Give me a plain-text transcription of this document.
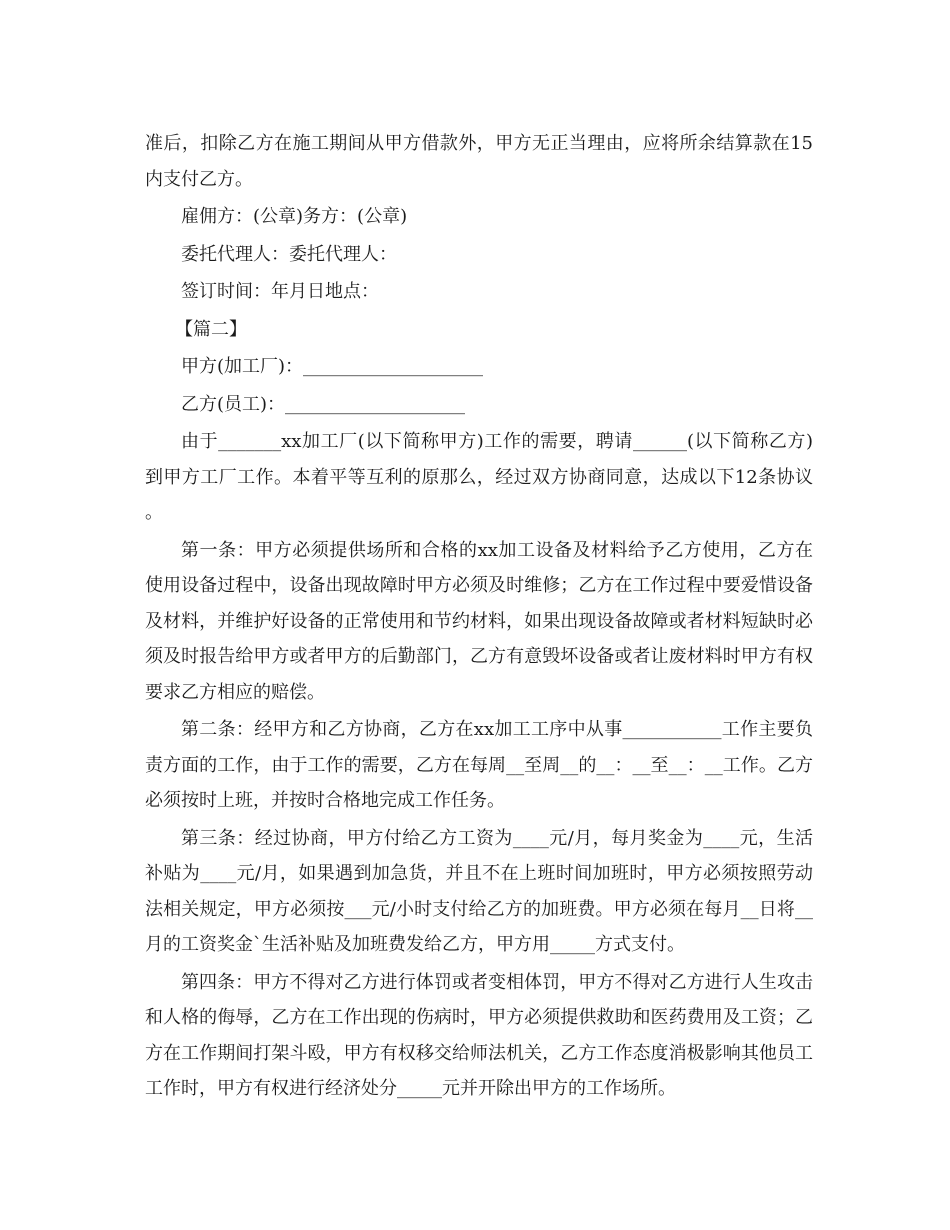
准后，扣除乙方在施工期间从甲方借款外，甲方无正当理由，应将所余结算款在15内支付乙方。

雇佣方：(公章)务方：(公章)

委托代理人：委托代理人：

签订时间：年月日地点：

【篇二】

甲方(加工厂)：____________________

乙方(员工)：____________________

由于_______xx加工厂(以下简称甲方)工作的需要，聘请______(以下简称乙方)到甲方工厂工作。本着平等互利的原那么，经过双方协商同意，达成以下12条协议。

第一条：甲方必须提供场所和合格的xx加工设备及材料给予乙方使用，乙方在使用设备过程中，设备出现故障时甲方必须及时维修；乙方在工作过程中要爱惜设备及材料，并维护好设备的正常使用和节约材料，如果出现设备故障或者材料短缺时必须及时报告给甲方或者甲方的后勤部门，乙方有意毁坏设备或者让废材料时甲方有权要求乙方相应的赔偿。

第二条：经甲方和乙方协商，乙方在xx加工工序中从事___________工作主要负责方面的工作，由于工作的需要，乙方在每周__至周__的__：__至__：__工作。乙方必须按时上班，并按时合格地完成工作任务。

第三条：经过协商，甲方付给乙方工资为____元/月，每月奖金为____元，生活补贴为____元/月，如果遇到加急货，并且不在上班时间加班时，甲方必须按照劳动法相关规定，甲方必须按___元/小时支付给乙方的加班费。甲方必须在每月__日将__月的工资奖金`生活补贴及加班费发给乙方，甲方用_____方式支付。

第四条：甲方不得对乙方进行体罚或者变相体罚，甲方不得对乙方进行人生攻击和人格的侮辱，乙方在工作出现的伤病时，甲方必须提供救助和医药费用及工资；乙方在工作期间打架斗殴，甲方有权移交给师法机关，乙方工作态度消极影响其他员工工作时，甲方有权进行经济处分_____元并开除出甲方的工作场所。
